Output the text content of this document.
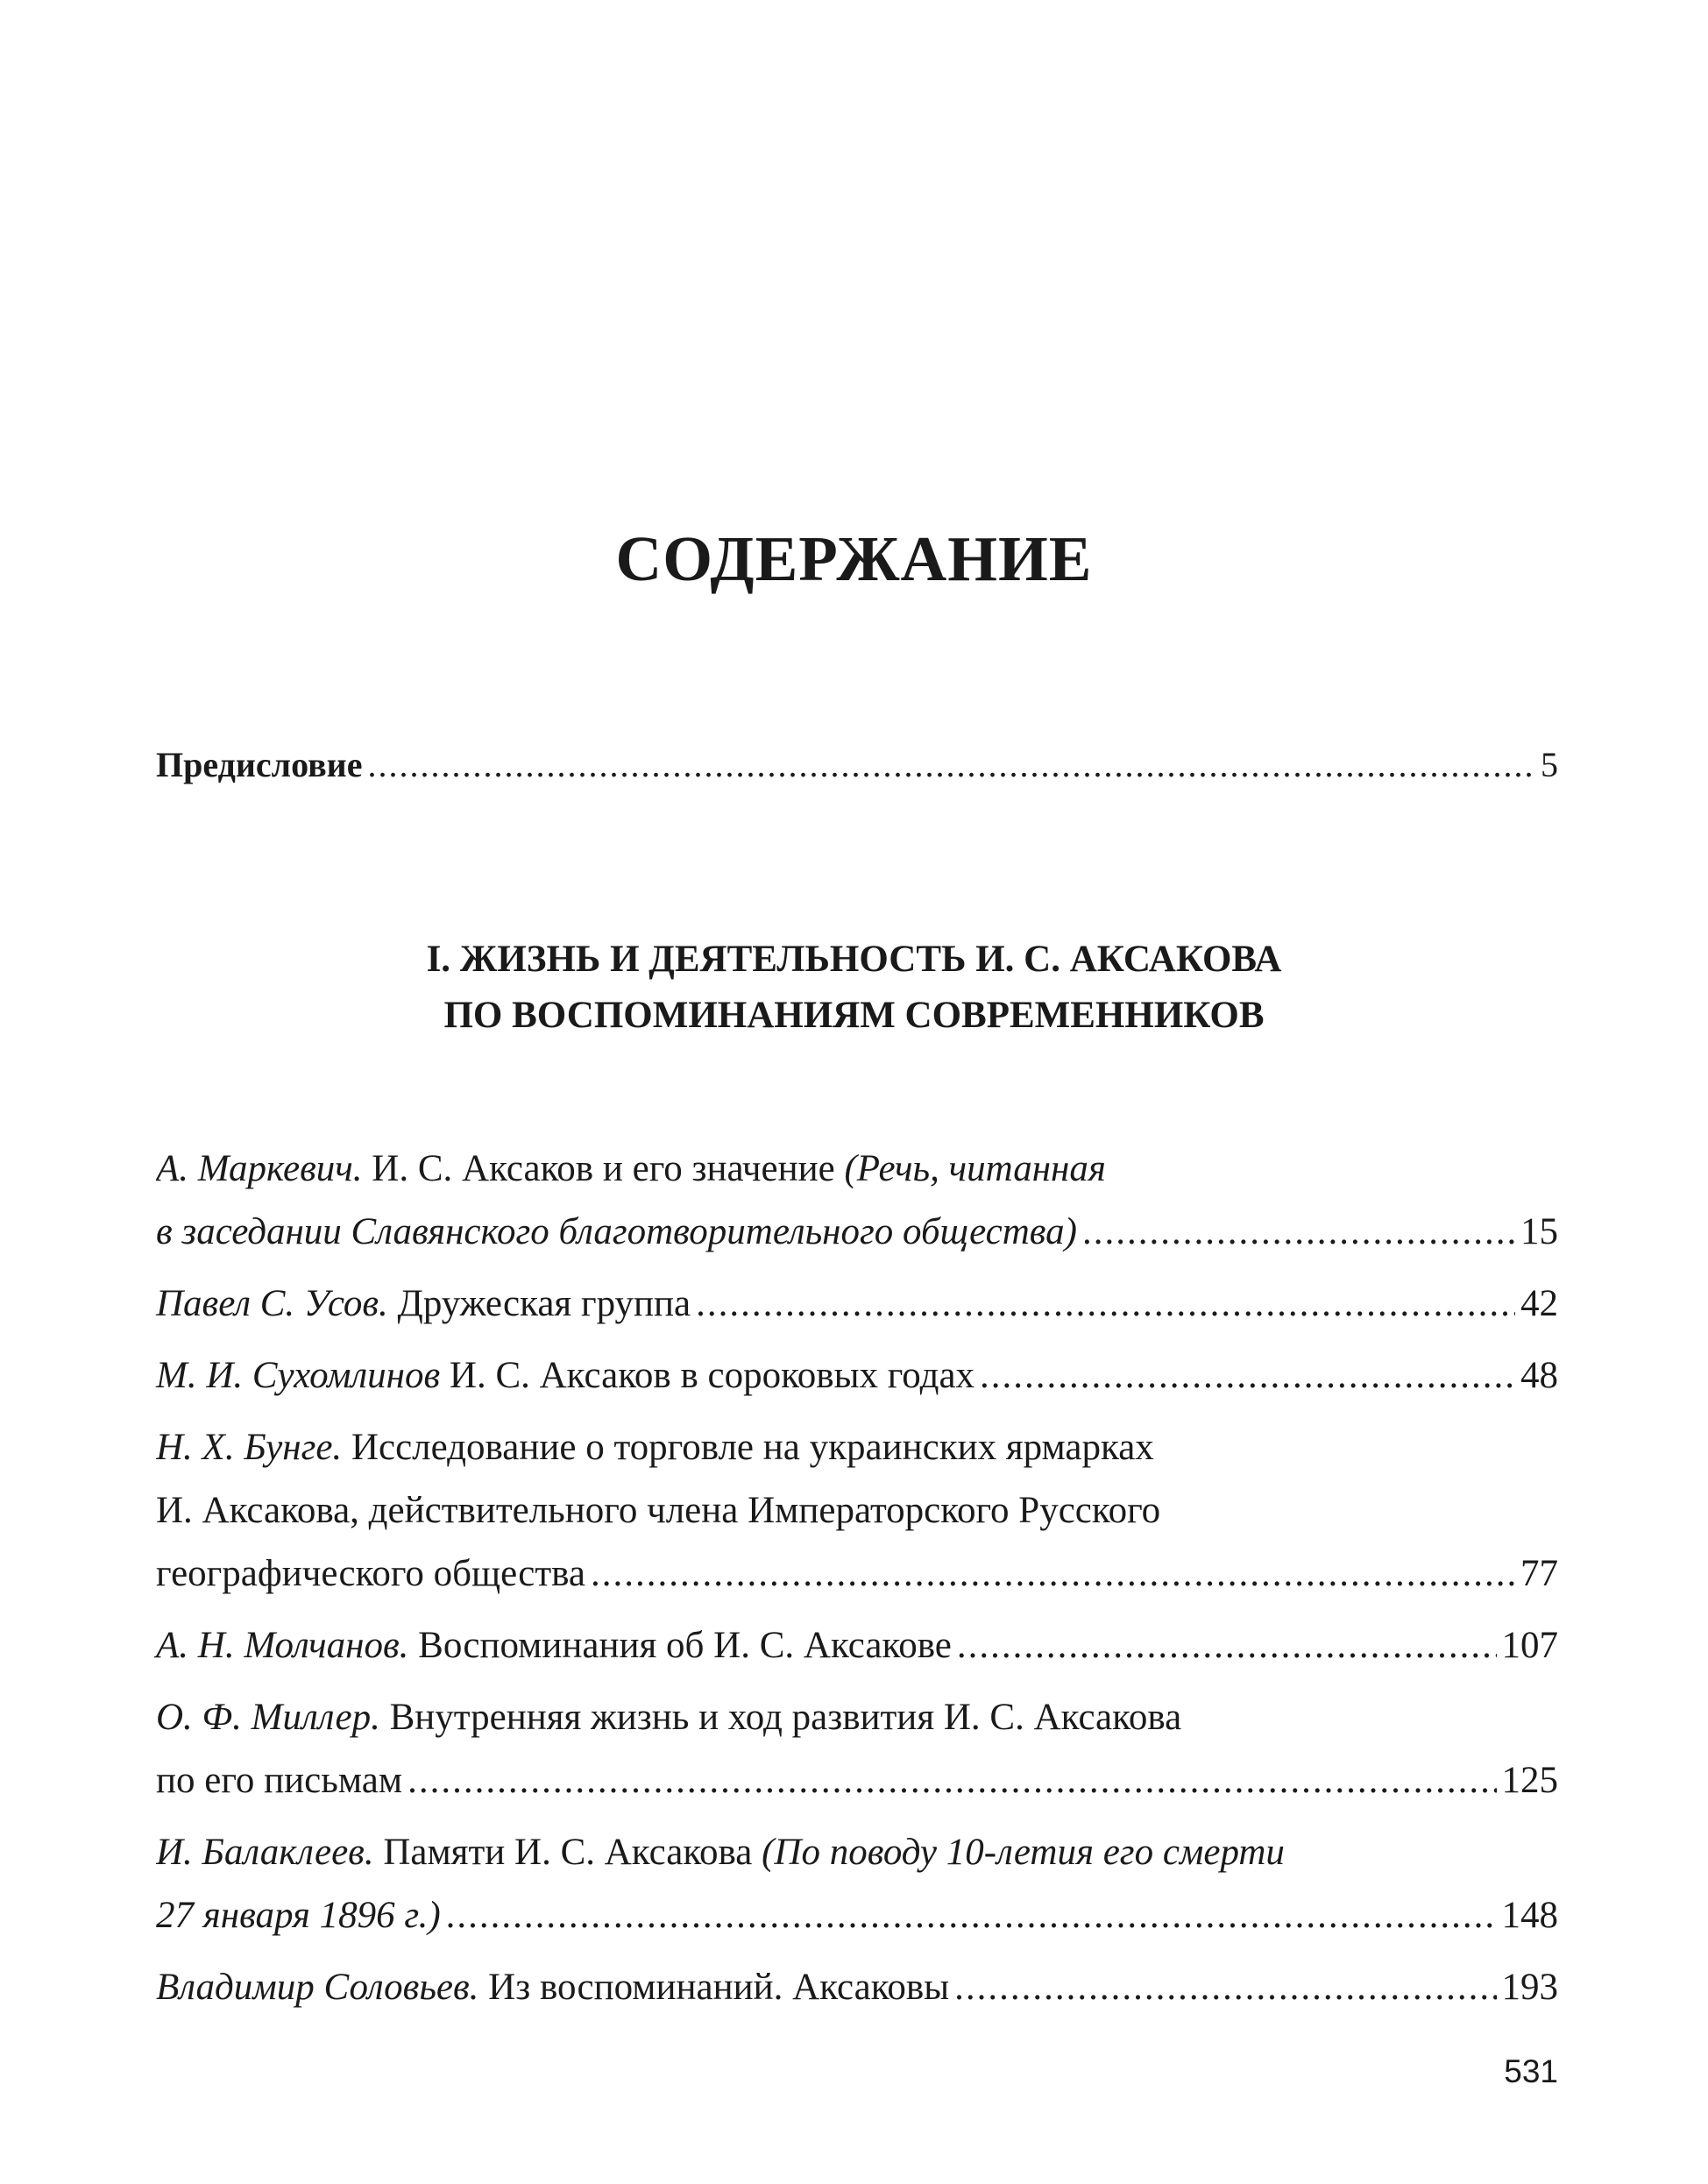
СОДЕРЖАНИЕ
Предисловие .....	5
I. ЖИЗНЬ И ДЕЯТЕЛЬНОСТЬ И. С. АКСАКОВА
ПО ВОСПОМИНАНИЯМ СОВРЕМЕННИКОВ
А. Маркевич. И. С. Аксаков и его значение (Речь, читанная
в заседании Славянского благотворительного общества) .....	15
Павел С. Усов. Дружеская группа .....	42
М. И. Сухомлинов И. С. Аксаков в сороковых годах .....	48
Н. Х. Бунге. Исследование о торговле на украинских ярмарках
И. Аксакова, действительного члена Императорского Русского
географического общества .....	77
А. Н. Молчанов. Воспоминания об И. С. Аксакове .....	107
О. Ф. Миллер. Внутренняя жизнь и ход развития И. С. Аксакова
по его письмам .....	125
И. Балаклеев. Памяти И. С. Аксакова (По поводу 10-летия его смерти
27 января 1896 г.) .....	148
Владимир Соловьев. Из воспоминаний. Аксаковы .....	193
531
